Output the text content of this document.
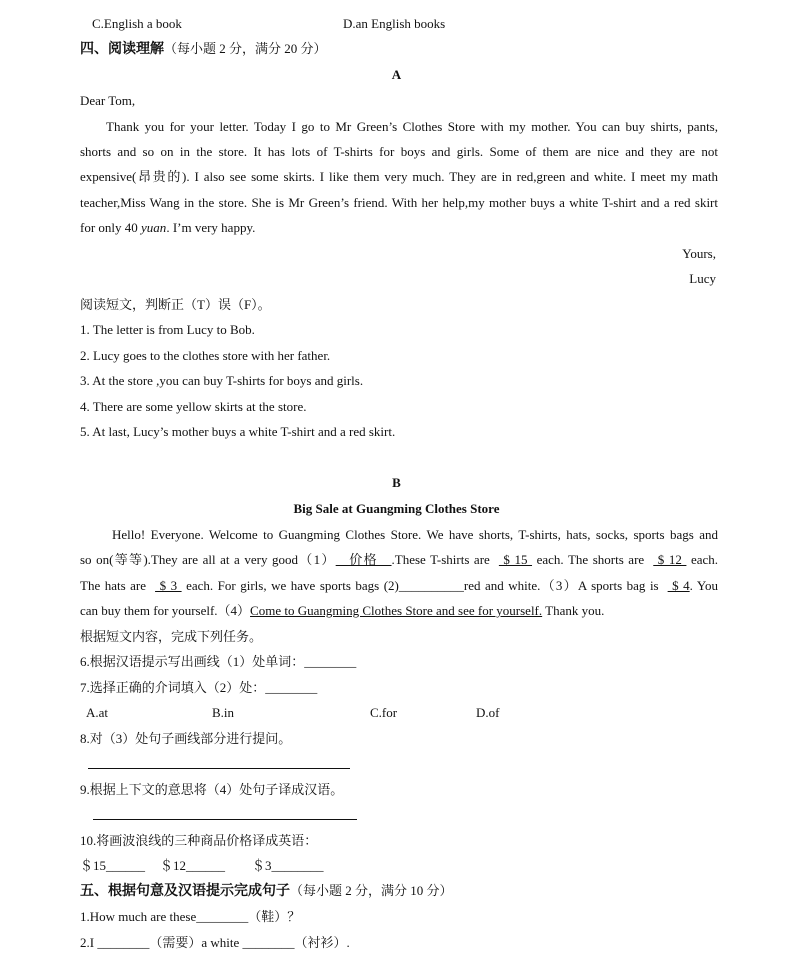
C.English a book	D.an English books
四、阅读理解（每小题 2 分，满分 20 分）
A
Dear Tom,
Thank you for your letter. Today I go to Mr Green’s Clothes Store with my mother. You can buy shirts, pants,
shorts and so on in the store. It has lots of T-shirts for boys and girls. Some of them are nice and they are not
expensive(昂贵的). I also see some skirts. I like them very much. They are in red,green and white. I meet my math
teacher,Miss Wang in the store. She is Mr Green’s friend. With her help,my mother buys a white T-shirt and a red skirt
for only 40 yuan. I’m very happy.
Yours,
Lucy
阅读短文，判断正（T）误（F）。
1. The letter is from Lucy to Bob.
2. Lucy goes to the clothes store with her father.
3. At the store ,you can buy T-shirts for boys and girls.
4. There are some yellow skirts at the store.
5. At last, Lucy’s mother buys a white T-shirt and a red skirt.
B
Big Sale at Guangming Clothes Store
Hello! Everyone. Welcome to Guangming Clothes Store. We have shorts, T-shirts, hats, socks, sports bags and
so on(等等).They are all at a very good（1）   价格   .These T-shirts are   $ 15  each. The shorts are   $ 12  each.
The hats are   $ 3  each. For girls, we have sports bags (2)__________red and white.（3）A sports bag is   $ 4. You
can buy them for yourself.（4）Come to Guangming Clothes Store and see for yourself. Thank you.
根据短文内容，完成下列任务。
6.根据汉语提示写出画线（1）处单词：________
7.选择正确的介词填入（2）处：________
A.at	B.in	C.for	D.of
8.对（3）处句子画线部分进行提问。
9.根据上下文的意思将（4）处句子译成汉语。
10.将画波浪线的三种商品价格译成英语：
＄15______ ＄12______ ＄3________
五、根据句意及汉语提示完成句子（每小题 2 分，满分 10 分）
1.How much are these________（鞋）？
2.I ________（需要）a white ________（衬衫）.
